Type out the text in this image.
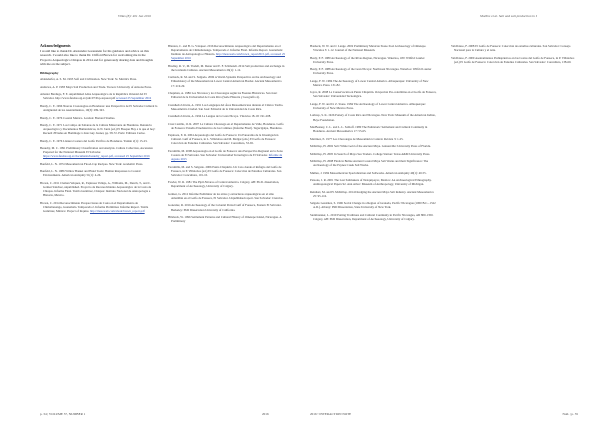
Villas (8): 401 Jan 2016
Acknowledgments
I would like to thank Dr. Alexandre Gorenstein for his guidance and advice on this research. I would also like to thank Dr. Clifford Brown for welcoming me in the Proyecto Arqueológico Chiapas in 2014 and for generously sharing data and thoughts with me on the subject.
Bibliography
Aldenderfer, A. S. M. 1993 Sofi and Civilization. New York: St. Martin's Press.
Andrews, A. P. 1983 Maya Salt Production and Trade. Tucson: University of Arizona Press.
Amador Berdugo, F. E. unpublished Atlas Arqueológico de la República Oriental del El Salvador. http://www.fundar.org.sv/pub/07/Pop.arqueol.pdf accessed 25 September 2016
Bandy, C. E. 1996 Nuevas Cronologías en Honduras: una Perspectiva de El Salvador Cultural la Antigüedad de los Asentamientos, 19(3): 299-343.
Bandy, C. E. 1976 Coastal Mexico. London: Barnard Studies.
Bandy, C. E. 1971 Los Campo de Sabanas de la Cultura Mistecante de Honduras. Denuncia Arqueológica y Documentos Humanísticos, in N. Jantz (ed.) El Bosque Hoy a la que el hoy: Recueil d'Etudes en Hommage à Jean Guy Jounet, pp. 58-72. Paris: Editions Cerise.
Bandy, C. E. 1976 Llanura Costera del Golfo Pacífico de Honduras. Yaxkin 2(1): 15-23.
Beaudry, M. C. 1991 Preliminary Classification and Analysis. Cultura Collection, Ascension Prepared for the National Museum El Salvador. https://www.fundar.org.sv/documents/beaudry_report.pdf, accessed 25 September 2016
Bonfeld, L. N. 1974 Mesoamerican Flood-Cap Recipes. New York: Academic Press.
Bonfeld, L. N. 1986 Willow Basket and Hand Tools: Human Responses to Coastal Environments. American Antiquity 51(1): 4-26.
Brown, C. 2011 Clemen Velquez, R., Espinosa Vallejo, A., Williams, M., Dench, T., and C. Gómez Sánchez, unpublished. Proyecto de Reconocimiento Arqueológico de la Costa de Chiapas. Informe Final. Tuxtla Gutiérrez, Chiapas: Instituto Nacional de Antropología e Historia, Mexico.
Brown, C. 2014 Reconocimiento Prospecciones de Costa en el Departamento de Chimaltenango, Guatemala. Temporada 2. Informe Preliminar. Informe Report. Tuxtla Gutiérrez, México: Project of Inquire. http://mesoweb.com/about/brown_report.pdf
Blanton, C. and B. G. Vázquez. 2016 Reconocimiento Arqueológico del Departamento en el Departamento de Chimaltenango. Temporada 2. Informe Final. Informe Report. Guatemala: Instituto de Antropología e Historia. http://mesoweb.com/brown_report2015.pdf, accessed 25 September 2016
Bradley, R. V., M. Tisdell, M. Dener and E. F. Schmandt. 2014 Salt production and exchange in the lowlands Cultures. Ancient Mesoamerica 26(1): 1-12.
Carmack, R. M. and S. Salgado. 2006 A World-Systems Perspective on the Archaeology and Ethnohistory of the Mesoamerican Lower Central American Border. Ancient Mesoamerica 17: 219-29.
Chapman, A. 1986 Los Nicaraos y los Chorotegas según las Fuentes Históricas. San José: Editorial de la Universidad de Costa Rica (Serie Historia y Geografía 4).
Castañeda Urrutia, A. 1991 Los Lenguajes del Área Mesoamericana durante el Clásico Tardío. Mesoamérica Ciudad. San José: Editorial de la Universidad de Costa Rica.
Castañeda Urrutia, A. 1994 La Lengua de la Gran Nicoya. Vínculos 18-19: 191-208.
Cruz Castillo, O. R. 2007 La Cultura Chorotega en el Departamento de Valle, Honduras. Golfo de Fonseca: Estudio Etnohistórico de los Caminos (Informe Final). Tegucigalpa, Honduras.
Espinoza, E. R. 2004 Arqueología del Golfo de Fonseca: Un Panorama de la Investigación Cultural. Gulf of Fonseca, in L. Villalobos and M. Melgar (eds.) El Golfo de Fonseca: Colección de Estudios Culturales. San Salvador: Concultura, 53-65.
Escamilla, M. 2008 Arqueología en el Golfo de Fonseca: una Perspectiva Regional en la Zona Costera de El Salvador. San Salvador: Universidad Tecnológica de El Salvador. Informe de Agosto 2015
Escamilla, M. and S. Salgado. 2006 Punta Chiquirín. Un Coto donde el Refugio del Golfo de Fonseca, in P. Villalobos (ed.) El Golfo de Fonseca: Colección de Estudios Culturales. San Salvador: Concultura, 101-10.
Fowler, W. R. 1981 The Pipil-Nicarao of Central America. Calgary, AB: Ph.D. dissertation, Department of Archaeology, University of Calgary.
Gómez, G. 2012 Informe Preliminar de los sitios y estructuras arqueológicas en el sitio Amatitlán en el Golfo de Fonseca, El Salvador. Unpublished report. San Salvador: Ciencias.
Gonzalez, R. 2016 Archaeology of the Colonial Period Gulf of Fonseca, Eastern El Salvador. Berkeley: PhD Dissertation University of California.
Hilsbeck, W. 1996 Settlement Patterns and Cultural History of Ometepe Island, Nicaragua. A Preliminary
p. 34 | VOLUME 37, NUMBER 1	2016
Mullins et al. Salt and salt production in I
Hasbeck, W. W. and J. Lange. 2002 Preliminary Mexican Stone-Tool Archaeology of Ometepe. Vínculos 3: 1-12. Journal of the National Museum.
Healy, P. F. 1980 Archaeology of the Rivas Region, Nicaragua. Waterloo, ON: Wilfrid Laurier University Press.
Healy, P. F. 1988 Archaeology of the Gran Nicoya: Northwest Nicaragua. Waterloo: Wilfrid Laurier University Press.
Lange, F. W. 1984 The Archaeology of Lower Central America. Albuquerque: University of New Mexico Press. 131-82.
Joyce, R. 2008 La Conservación en Punta Chiquirín. Ocupación Pre-colombina en el Golfo de Fonseca, San Salvador: Universidad Tecnológica.
Lange, F. W. and D. Z. Stone. 1984 The Archaeology of Lower Central America. Albuquerque: University of New Mexico Press.
Lothrop, S. K. 1926 Pottery of Costa Rica and Nicaragua. New York: Museum of the American Indian, Heye Foundation.
MacBeaney, C. L. and L. L. Sabloff. 1980 The Prehistoric Settlement and Cultural Continuity in Honduras. Ancient Mesoamerica 17: 55-65.
Martinez, E. 1977 Los Chorotegas de Mesoamérica Central. Revista 3: 1-25.
McKillop, H. 2002 Salt: White Gold of the Ancient Maya. Gainesville: University Press of Florida.
McKillop, H. 2005 In Search of Maya Sea Traders. College Station: Texas A&M University Press.
McKillop, H. 2008 Finds in Belize Ancient Coastal Maya Salt Works and their Significance: The Archaeology of the Paynes Creek Salt Works.
Mullen, J. 1984 Mesoamerican Specialization and Saltworks. American Antiquity 49(1): 40-55.
Parsons, J. R. 2001 The Last Saltmakers of Nexquipayac, Mexico: An Archaeological Ethnography. Anthropological Papers 92. Ann Arbor: Museum of Anthropology, University of Michigan.
Reinhart, M. and H. McKillop. 2014 Dredging the Ancient Maya Salt Industry. Ancient Mesoamerica 25: 95-116.
Salgado González, S. 1996 Social Change in a Region of Granada, Pacific Nicaragua (1000 B.C.–1522 A.D.). Albany: PhD Dissertation, State University of New York.
Steinbrenner, L. 2010 Potting Traditions and Cultural Continuity in Pacific Nicaragua, AD 800-1350. Calgary, AB: PhD Dissertation, Department of Archaeology, University of Calgary.
Valdivieso, F. 2008 El Golfo de Fonseca: Colección de estudios culturales. San Salvador: Consejo Nacional para la Cultura y el Arte.
Valdivieso, F. 2009 Asentamientos Prehispánicos en las Costas del Golfo de Fonseca, in P. Villalobos (ed.) El Golfo de Fonseca: Colección de Estudios Culturales. San Salvador: Concultura, 138-60.
2016 • INTERACTION NOTE	NAL | p. 35
